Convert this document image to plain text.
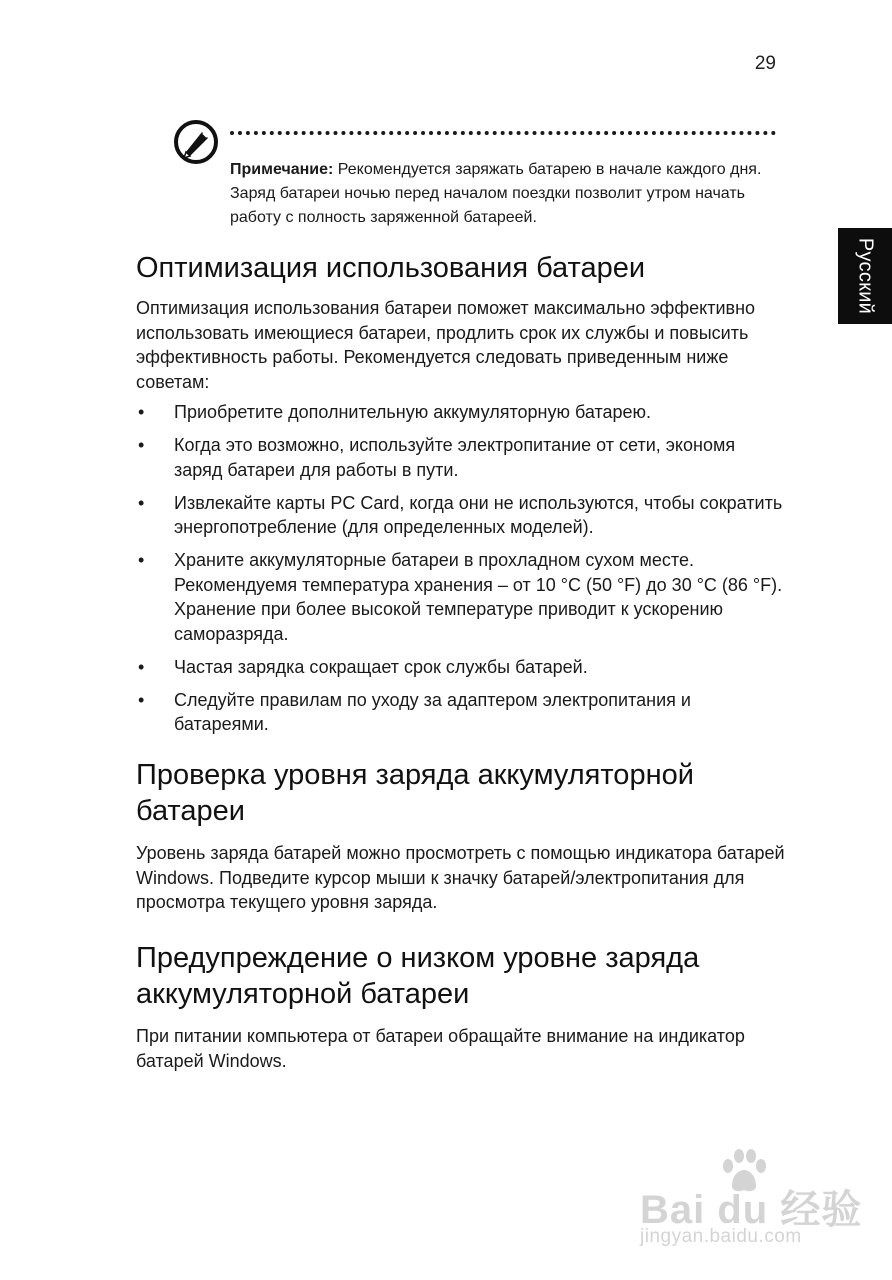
29
Русский
Примечание: Рекомендуется заряжать батарею в начале каждого дня. Заряд батареи ночью перед началом поездки позволит утром начать работу с полность заряженной батареей.
Оптимизация использования батареи

Оптимизация использования батареи поможет максимально эффективно использовать имеющиеся батареи, продлить срок их службы и повысить эффективность работы. Рекомендуется следовать приведенным ниже советам:

• Приобретите дополнительную аккумуляторную батарею.
• Когда это возможно, используйте электропитание от сети, экономя заряд батареи для работы в пути.
• Извлекайте карты PC Card, когда они не используются, чтобы сократить энергопотребление (для определенных моделей).
• Храните аккумуляторные батареи в прохладном сухом месте. Рекомендуемя температура хранения – от 10 °C (50 °F) до 30 °C (86 °F). Хранение при более высокой температуре приводит к ускорению саморазряда.
• Частая зарядка сокращает срок службы батарей.
• Следуйте правилам по уходу за адаптером электропитания и батареями.
Проверка уровня заряда аккумуляторной батареи

Уровень заряда батарей можно просмотреть с помощью индикатора батарей Windows. Подведите курсор мыши к значку батарей/электропитания для просмотра текущего уровня заряда.

Предупреждение о низком уровне заряда аккумуляторной батареи

При питании компьютера от батареи обращайте внимание на индикатор батарей Windows.

Bai du 经验
jingyan.baidu.com
